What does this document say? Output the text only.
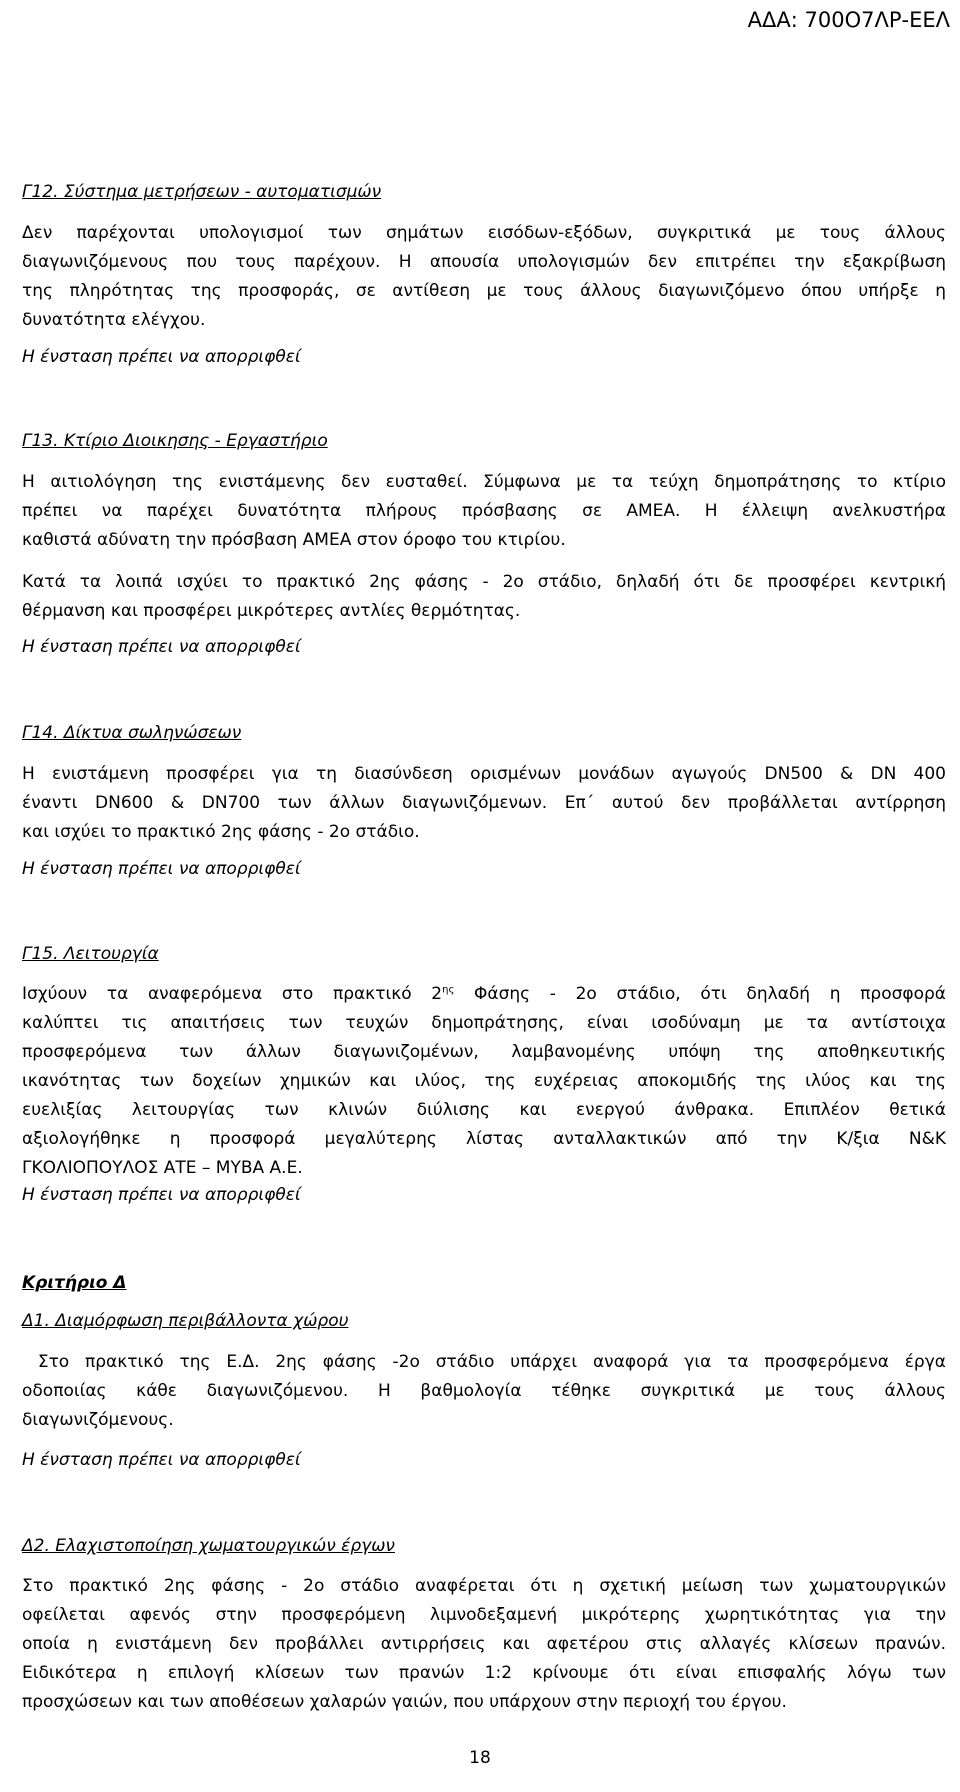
ΑΔΑ: 700Ο7ΛΡ-ΕΕΛ
Γ12. Σύστημα μετρήσεων - αυτοματισμών
Δεν παρέχονται υπολογισμοί των σημάτων εισόδων-εξόδων, συγκριτικά με τους άλλους
διαγωνιζόμενους που τους παρέχουν. Η απουσία υπολογισμών δεν επιτρέπει την εξακρίβωση
της πληρότητας της προσφοράς, σε αντίθεση με τους άλλους διαγωνιζόμενο όπου υπήρξε η
δυνατότητα ελέγχου.
Η ένσταση πρέπει να απορριφθεί
Γ13. Κτίριο Διοικησης - Εργαστήριο
Η αιτιολόγηση της ενιστάμενης δεν ευσταθεί. Σύμφωνα με τα τεύχη δημοπράτησης το κτίριο
πρέπει να παρέχει δυνατότητα πλήρους πρόσβασης σε ΑΜΕΑ. Η έλλειψη ανελκυστήρα
καθιστά αδύνατη την πρόσβαση ΑΜΕΑ στον όροφο του κτιρίου.
Κατά τα λοιπά ισχύει το πρακτικό 2ης φάσης - 2ο στάδιο, δηλαδή ότι δε προσφέρει κεντρική
θέρμανση και προσφέρει μικρότερες αντλίες θερμότητας.
Η ένσταση πρέπει να απορριφθεί
Γ14. Δίκτυα σωληνώσεων
Η ενιστάμενη προσφέρει για τη διασύνδεση ορισμένων μονάδων αγωγούς DN500 & DN 400
έναντι DN600 & DN700 των άλλων διαγωνιζόμενων. Επ΄ αυτού δεν προβάλλεται αντίρρηση
και ισχύει το πρακτικό 2ης φάσης - 2ο στάδιο.
Η ένσταση πρέπει να απορριφθεί
Γ15. Λειτουργία
Ισχύουν τα αναφερόμενα στο πρακτικό $2^{\eta\varsigma}$ Φάσης - 2ο στάδιο, ότι δηλαδή η προσφορά
καλύπτει τις απαιτήσεις των τευχών δημοπράτησης, είναι ισοδύναμη με τα αντίστοιχα
προσφερόμενα των άλλων διαγωνιζομένων, λαμβανομένης υπόψη της αποθηκευτικής
ικανότητας των δοχείων χημικών και ιλύος, της ευχέρειας αποκομιδής της ιλύος και της
ευελιξίας λειτουργίας των κλινών διύλισης και ενεργού άνθρακα. Επιπλέον θετικά
αξιολογήθηκε η προσφορά μεγαλύτερης λίστας ανταλλακτικών από την Κ/ξια Ν&Κ
ΓΚΟΛΙΟΠΟΥΛΟΣ ΑΤΕ – ΜΥΒΑ Α.Ε.
Η ένσταση πρέπει να απορριφθεί
Κριτήριο Δ
Δ1. Διαμόρφωση περιβάλλοντα χώρου
Στο πρακτικό της Ε.Δ. 2ης φάσης -2ο στάδιο υπάρχει αναφορά για τα προσφερόμενα έργα
οδοποιίας κάθε διαγωνιζόμενου. Η βαθμολογία τέθηκε συγκριτικά με τους άλλους
διαγωνιζόμενους.
Η ένσταση πρέπει να απορριφθεί
Δ2. Ελαχιστοποίηση χωματουργικών έργων
Στο πρακτικό 2ης φάσης - 2ο στάδιο αναφέρεται ότι η σχετική μείωση των χωματουργικών
οφείλεται αφενός στην προσφερόμενη λιμνοδεξαμενή μικρότερης χωρητικότητας για την
οποία η ενιστάμενη δεν προβάλλει αντιρρήσεις και αφετέρου στις αλλαγές κλίσεων πρανών.
Ειδικότερα η επιλογή κλίσεων των πρανών 1:2 κρίνουμε ότι είναι επισφαλής λόγω των
προσχώσεων και των αποθέσεων χαλαρών γαιών, που υπάρχουν στην περιοχή του έργου.
18
